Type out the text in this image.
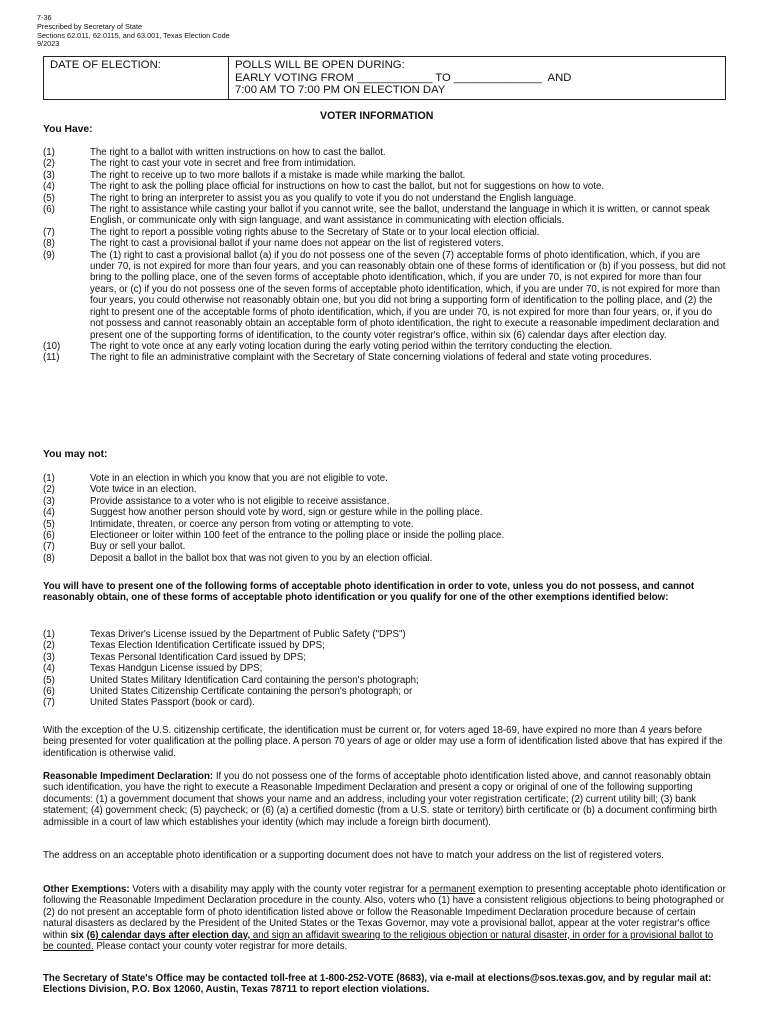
7-36
Prescribed by Secretary of State
Sections 62.011, 62.0115, and 63.001, Texas Election Code
9/2023
DATE OF ELECTION:	POLLS WILL BE OPEN DURING:
EARLY VOTING FROM ____________ TO ______________  AND
7:00 AM TO 7:00 PM ON ELECTION DAY
VOTER INFORMATION
You Have:
(1)	The right to a ballot with written instructions on how to cast the ballot.
(2)	The right to cast your vote in secret and free from intimidation.
(3)	The right to receive up to two more ballots if a mistake is made while marking the ballot.
(4)	The right to ask the polling place official for instructions on how to cast the ballot, but not for suggestions on how to vote.
(5)	The right to bring an interpreter to assist you as you qualify to vote if you do not understand the English language.
(6)	The right to assistance while casting your ballot if you cannot write, see the ballot, understand the language in which it is written, or cannot speak English, or communicate only with sign language, and want assistance in communicating with election officials.
(7)	The right to report a possible voting rights abuse to the Secretary of State or to your local election official.
(8)	The right to cast a provisional ballot if your name does not appear on the list of registered voters.
(9)	The (1) right to cast a provisional ballot (a) if you do not possess one of the seven (7) acceptable forms of photo identification, which, if you are under 70, is not expired for more than four years, and you can reasonably obtain one of these forms of identification or (b) if you possess, but did not bring to the polling place, one of the seven forms of acceptable photo identification, which, if you are under 70, is not expired for more than four years, or (c) if you do not possess one of the seven forms of acceptable photo identification, which, if you are under 70, is not expired for more than four years, you could otherwise not reasonably obtain one, but you did not bring a supporting form of identification to the polling place, and (2) the right to present one of the acceptable forms of photo identification, which, if you are under 70, is not expired for more than four years, or, if you do not possess and cannot reasonably obtain an acceptable form of photo identification, the right to execute a reasonable impediment declaration and present one of the supporting forms of identification, to the county voter registrar's office, within six (6) calendar days after election day.
(10)	The right to vote once at any early voting location during the early voting period within the territory conducting the election.
(11)	The right to file an administrative complaint with the Secretary of State concerning violations of federal and state voting procedures.
You may not:
(1)	Vote in an election in which you know that you are not eligible to vote.
(2)	Vote twice in an election.
(3)	Provide assistance to a voter who is not eligible to receive assistance.
(4)	Suggest how another person should vote by word, sign or gesture while in the polling place.
(5)	Intimidate, threaten, or coerce any person from voting or attempting to vote.
(6)	Electioneer or loiter within 100 feet of the entrance to the polling place or inside the polling place.
(7)	Buy or sell your ballot.
(8)	Deposit a ballot in the ballot box that was not given to you by an election official.
You will have to present one of the following forms of acceptable photo identification in order to vote, unless you do not possess, and cannot reasonably obtain, one of these forms of acceptable photo identification or you qualify for one of the other exemptions identified below:
(1)	Texas Driver's License issued by the Department of Public Safety ("DPS")
(2)	Texas Election Identification Certificate issued by DPS;
(3)	Texas Personal Identification Card issued by DPS;
(4)	Texas Handgun License issued by DPS;
(5)	United States Military Identification Card containing the person's photograph;
(6)	United States Citizenship Certificate containing the person's photograph; or
(7)	United States Passport (book or card).
With the exception of the U.S. citizenship certificate, the identification must be current or, for voters aged 18-69, have expired no more than 4 years before being presented for voter qualification at the polling place. A person 70 years of age or older may use a form of identification listed above that has expired if the identification is otherwise valid.
Reasonable Impediment Declaration: If you do not possess one of the forms of acceptable photo identification listed above, and cannot reasonably obtain such identification, you have the right to execute a Reasonable Impediment Declaration and present a copy or original of one of the following supporting documents: (1) a government document that shows your name and an address, including your voter registration certificate; (2) current utility bill; (3) bank statement; (4) government check; (5) paycheck; or (6) (a) a certified domestic (from a U.S. state or territory) birth certificate or (b) a document confirming birth admissible in a court of law which establishes your identity (which may include a foreign birth document).
The address on an acceptable photo identification or a supporting document does not have to match your address on the list of registered voters.
Other Exemptions: Voters with a disability may apply with the county voter registrar for a permanent exemption to presenting acceptable photo identification or following the Reasonable Impediment Declaration procedure in the county. Also, voters who (1) have a consistent religious objections to being photographed or (2) do not present an acceptable form of photo identification listed above or follow the Reasonable Impediment Declaration procedure because of certain natural disasters as declared by the President of the United States or the Texas Governor, may vote a provisional ballot, appear at the voter registrar's office within six (6) calendar days after election day, and sign an affidavit swearing to the religious objection or natural disaster, in order for a provisional ballot to be counted. Please contact your county voter registrar for more details.
The Secretary of State's Office may be contacted toll-free at 1-800-252-VOTE (8683), via e-mail at elections@sos.texas.gov, and by regular mail at: Elections Division, P.O. Box 12060, Austin, Texas 78711 to report election violations.
